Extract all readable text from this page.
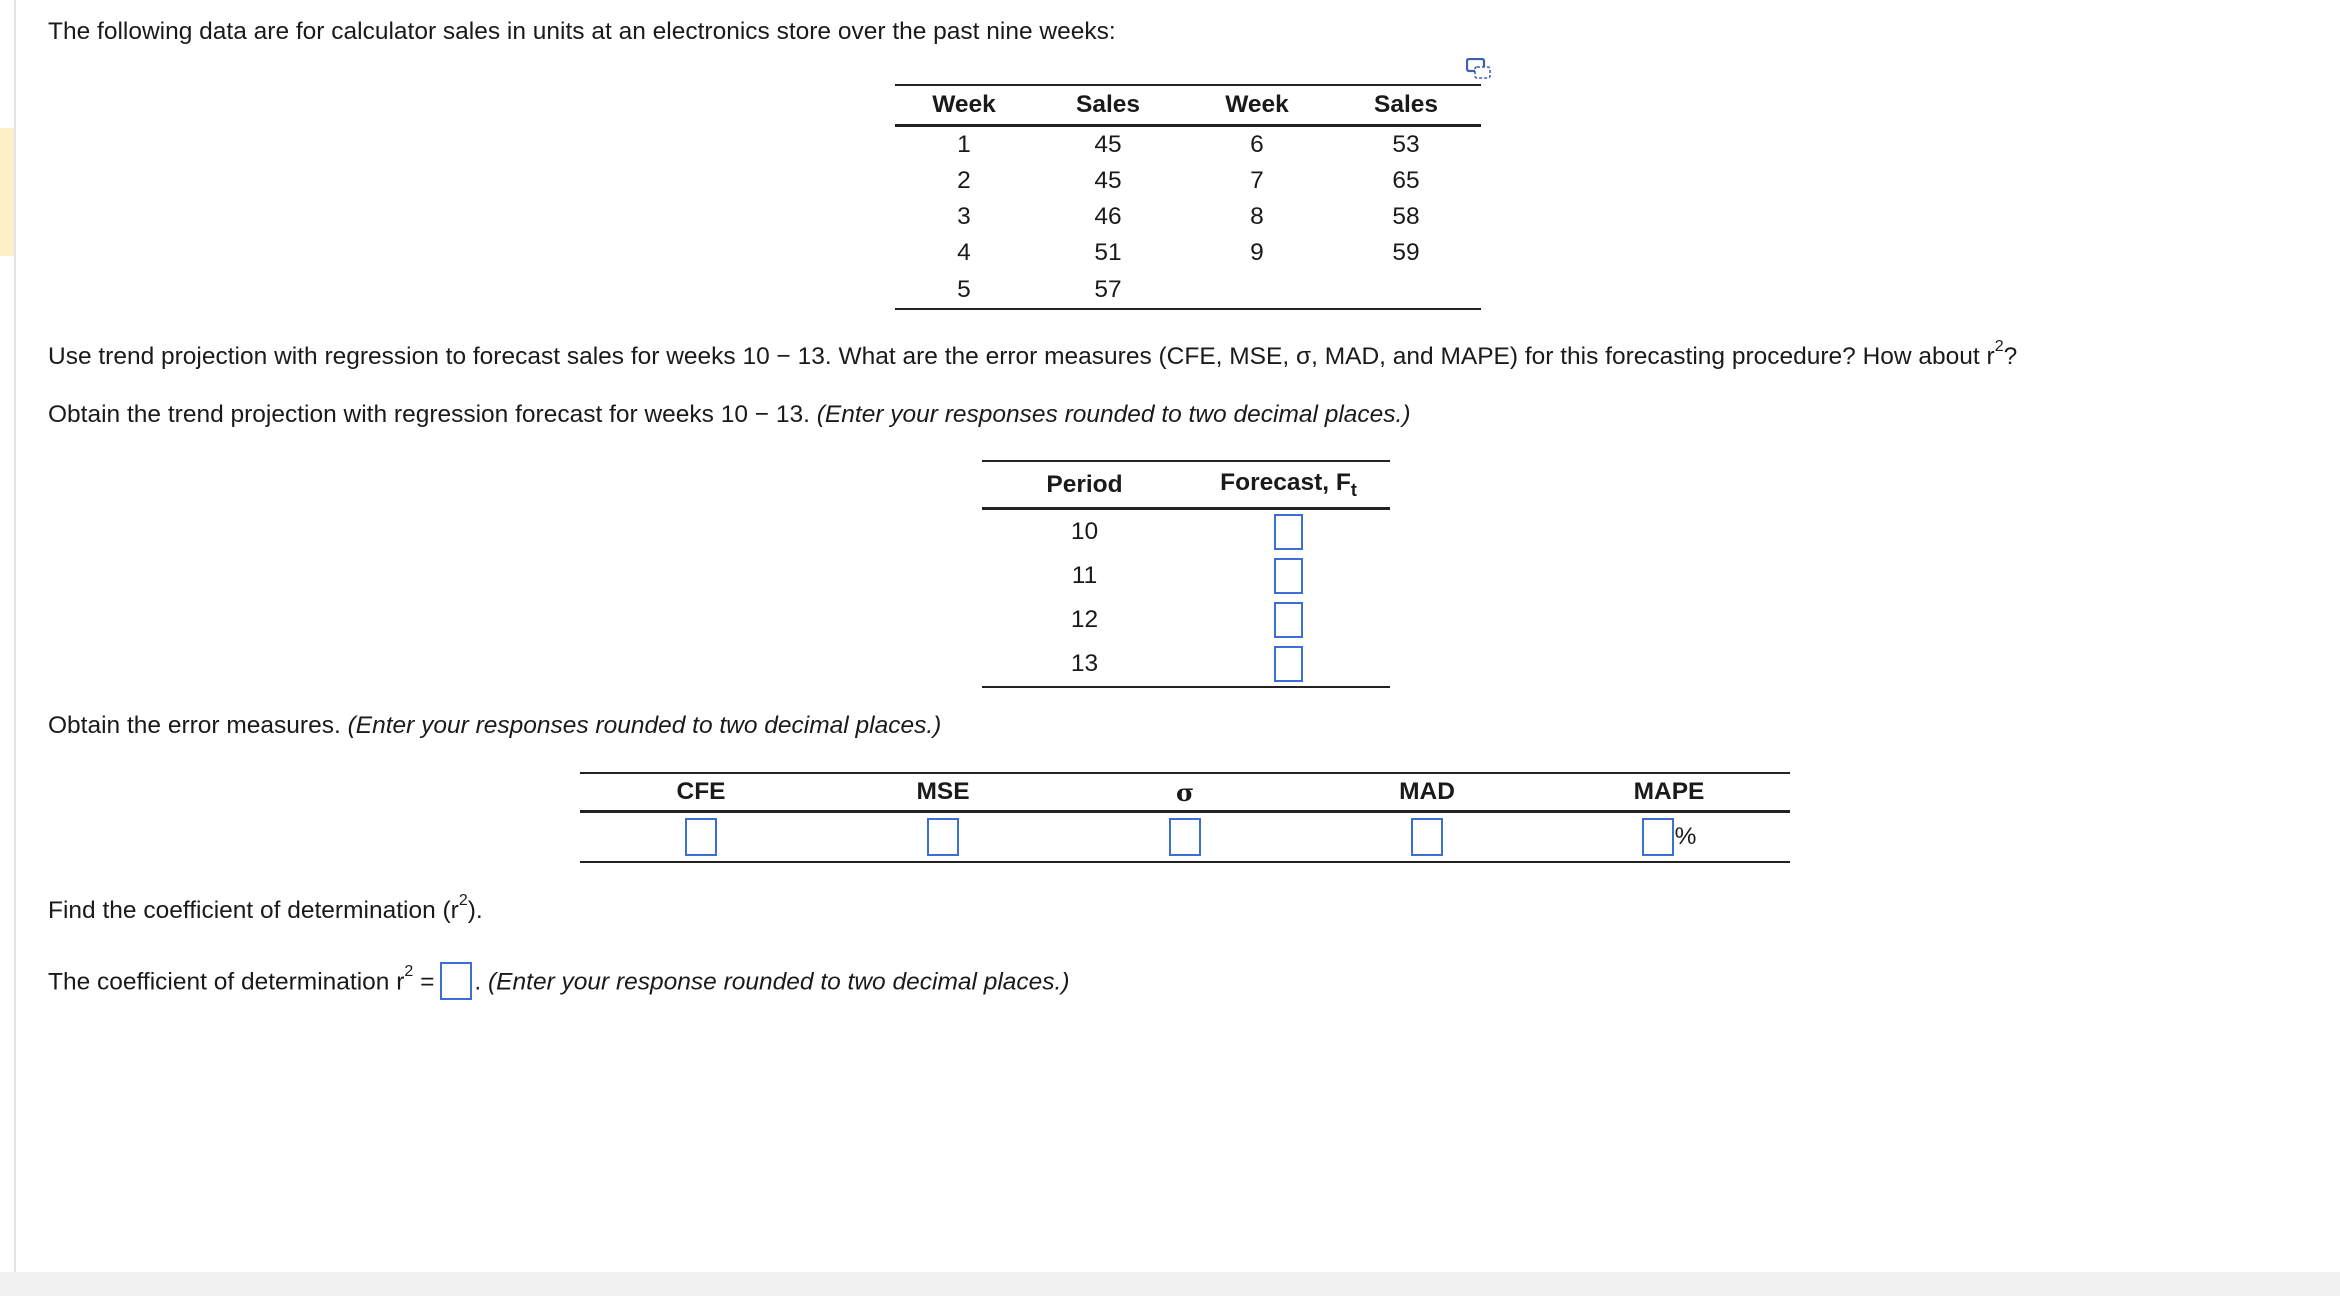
The following data are for calculator sales in units at an electronics store over the past nine weeks:
Week	Sales	Week	Sales
1	45	6	53
2	45	7	65
3	46	8	58
4	51	9	59
5	57		
Use trend projection with regression to forecast sales for weeks 10 − 13. What are the error measures (CFE, MSE, σ, MAD, and MAPE) for this forecasting procedure? How about $r^2$?
Obtain the trend projection with regression forecast for weeks 10 − 13. (Enter your responses rounded to two decimal places.)
Period	Forecast, $F_t$
10	
11	
12	
13	
Obtain the error measures. (Enter your responses rounded to two decimal places.)
CFE	MSE	σ	MAD	MAPE
				%
Find the coefficient of determination $(r^2)$.
The coefficient of determination $r^2$ = . (Enter your response rounded to two decimal places.)
